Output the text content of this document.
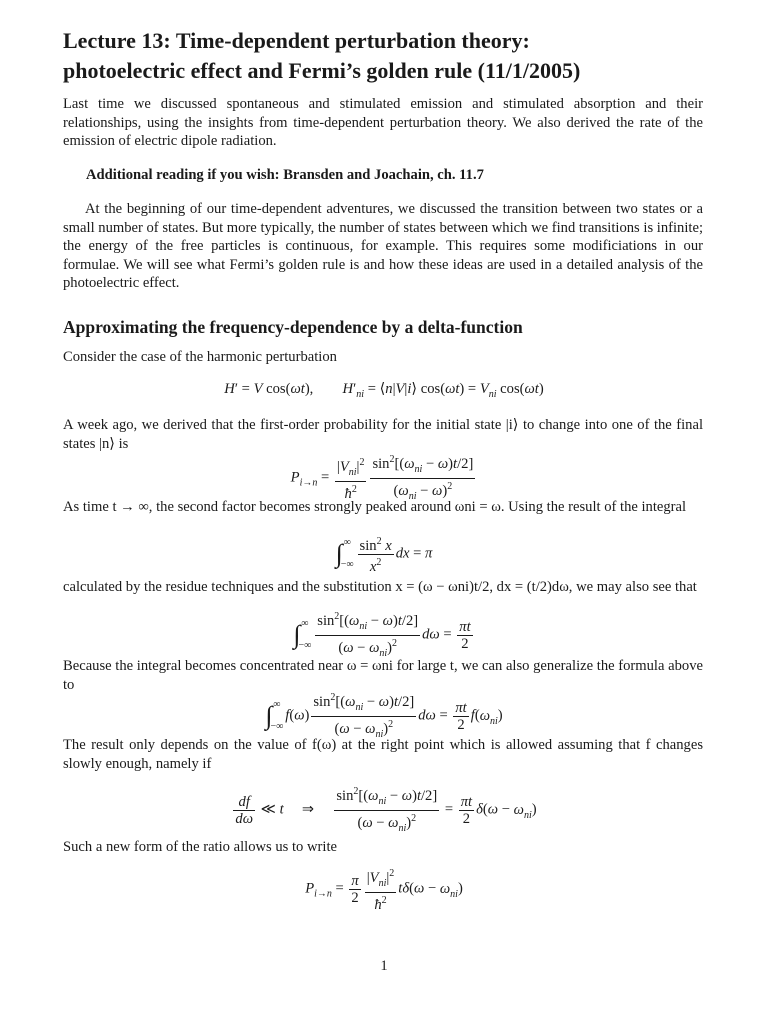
Lecture 13: Time-dependent perturbation theory:
photoelectric effect and Fermi’s golden rule (11/1/2005)

Last time we discussed spontaneous and stimulated emission and stimulated absorption and their relationships, using the insights from time-dependent perturbation theory. We also derived the rate of the emission of electric dipole radiation.

Additional reading if you wish: Bransden and Joachain, ch. 11.7

At the beginning of our time-dependent adventures, we discussed the transition between two states or a small number of states. But more typically, the number of states between which we find transitions is infinite; the energy of the free particles is continuous, for example. This requires some modificiations in our formulae. We will see what Fermi’s golden rule is and how these ideas are used in a detailed analysis of the photoelectric effect.

Approximating the frequency-dependence by a delta-function

Consider the case of the harmonic perturbation

H′ = V cos(ωt),        $H'_{ni}$ = ⟨n|V|i⟩ $\cos(\omega t) = V_{ni}$ cos(ωt)

A week ago, we derived that the first-order probability for the initial state |i⟩ to change into one of the final states |n⟩ is

$P_{i\to n} = \frac{|V_{ni}|^2}{ħ^2} \frac{\sin^2[(\omega_{ni} - \omega)t/2]}{(\omega_{ni} - \omega)^2}$

As time t → ∞, the second factor becomes strongly peaked around ωni = ω. Using the result of the integral

∫ ∞
−∞ $\frac{\sin^2 x}{x^2}$ dx = π

calculated by the residue techniques and the substitution x = (ω − ωni)t/2, dx = (t/2)dω, we may also see that

∫ ∞
−∞ $\frac{\sin^2[(\omega_{ni} - \omega)t/2]}{(\omega - \omega_{ni})^2}$ $d\omega = \frac{\pi t}{2}$

Because the integral becomes concentrated near ω = ωni for large t, we can also generalize the formula above to

∫ ∞
−∞
$f(\omega) \frac{\sin^2[(\omega_{ni} - \omega)t/2]}{(\omega - \omega_{ni})^2}$ $d\omega = \frac{\pi t}{2} f(\omega_{ni})$

The result only depends on the value of f(ω) at the right point which is allowed assuming that f changes slowly enough, namely if

$\frac{df}{d\omega}$ ≪ t     ⇒ $\frac{\sin^2[(\omega_{ni} - \omega)t/2]}{(\omega - \omega_{ni})^2} = \frac{\pi t}{2} \delta(\omega - \omega_{ni})$

Such a new form of the ratio allows us to write

$P_{i\to n} = \frac{\pi}{2} \frac{|V_{ni}|^2}{ħ^2} t\delta(\omega - \omega_{ni})$
1
